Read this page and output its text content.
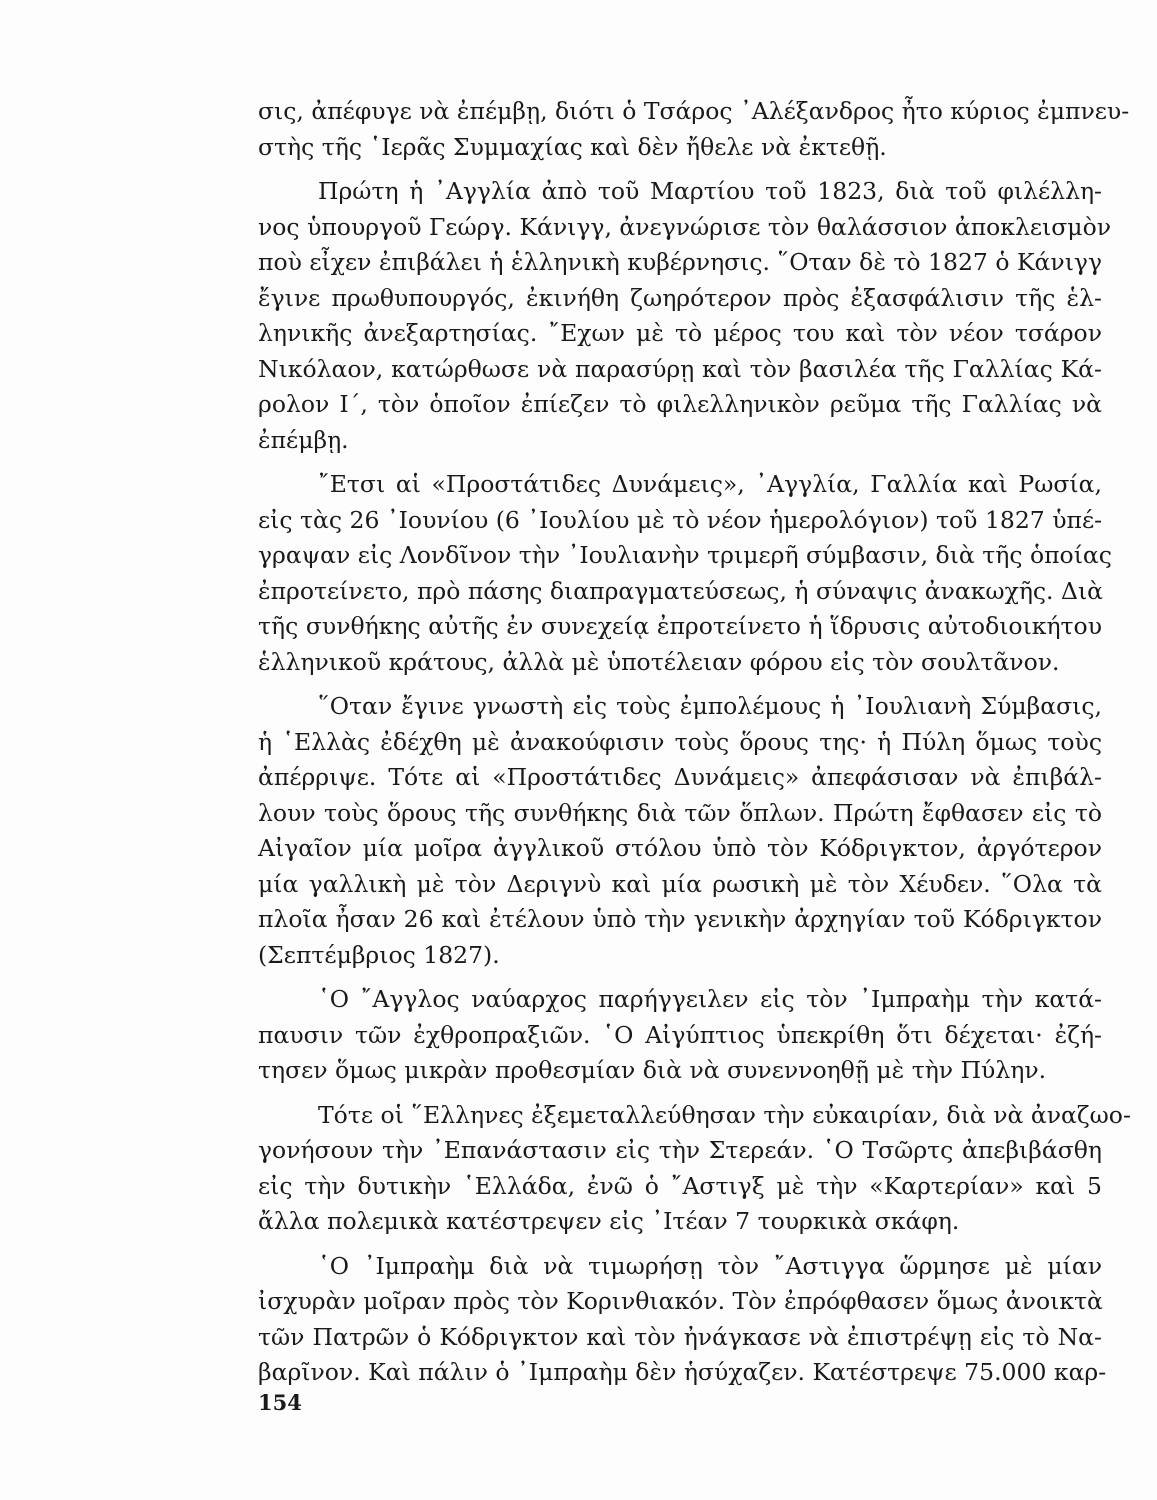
σις, ἀπέφυγε νὰ ἐπέμβῃ, διότι ὁ Τσάρος ᾿Αλέξανδρος ἦτο κύριος ἐμπνευ-
στὴς τῆς ῾Ιερᾶς Συμμαχίας καὶ δὲν ἤθελε νὰ ἐκτεθῇ.
Πρώτη ἡ ᾿Αγγλία ἀπὸ τοῦ Μαρτίου τοῦ 1823, διὰ τοῦ φιλέλλη-
νος ὑπουργοῦ Γεώργ. Κάνιγγ, ἀνεγνώρισε τὸν θαλάσσιον ἀποκλεισμὸν
ποὺ εἶχεν ἐπιβάλει ἡ ἑλληνικὴ κυβέρνησις. ῞Οταν δὲ τὸ 1827 ὁ Κάνιγγ
ἔγινε πρωθυπουργός, ἐκινήθη ζωηρότερον πρὸς ἐξασφάλισιν τῆς ἑλ-
ληνικῆς ἀνεξαρτησίας. ῎Εχων μὲ τὸ μέρος του καὶ τὸν νέον τσάρον
Νικόλαον, κατώρθωσε νὰ παρασύρῃ καὶ τὸν βασιλέα τῆς Γαλλίας Κά-
ρολον Ι΄, τὸν ὁποῖον ἐπίεζεν τὸ φιλελληνικὸν ρεῦμα τῆς Γαλλίας νὰ
ἐπέμβῃ.
῎Ετσι αἱ «Προστάτιδες Δυνάμεις», ᾿Αγγλία, Γαλλία καὶ Ρωσία,
εἰς τὰς 26 ᾿Ιουνίου (6 ᾿Ιουλίου μὲ τὸ νέον ἡμερολόγιον) τοῦ 1827 ὑπέ-
γραψαν εἰς Λονδῖνον τὴν ᾿Ιουλιανὴν τριμερῆ σύμβασιν, διὰ τῆς ὁποίας
ἐπροτείνετο, πρὸ πάσης διαπραγματεύσεως, ἡ σύναψις ἀνακωχῆς. Διὰ
τῆς συνθήκης αὐτῆς ἐν συνεχείᾳ ἐπροτείνετο ἡ ἵδρυσις αὐτοδιοικήτου
ἑλληνικοῦ κράτους, ἀλλὰ μὲ ὑποτέλειαν φόρου εἰς τὸν σουλτᾶνον.
῞Οταν ἔγινε γνωστὴ εἰς τοὺς ἐμπολέμους ἡ ᾿Ιουλιανὴ Σύμβασις,
ἡ ῾Ελλὰς ἐδέχθη μὲ ἀνακούφισιν τοὺς ὅρους της· ἡ Πύλη ὅμως τοὺς
ἀπέρριψε. Τότε αἱ «Προστάτιδες Δυνάμεις» ἀπεφάσισαν νὰ ἐπιβάλ-
λουν τοὺς ὅρους τῆς συνθήκης διὰ τῶν ὅπλων. Πρώτη ἔφθασεν εἰς τὸ
Αἰγαῖον μία μοῖρα ἀγγλικοῦ στόλου ὑπὸ τὸν Κόδριγκτον, ἀργότερον
μία γαλλικὴ μὲ τὸν Δεριγνὺ καὶ μία ρωσικὴ μὲ τὸν Χέυδεν. ῞Ολα τὰ
πλοῖα ἦσαν 26 καὶ ἐτέλουν ὑπὸ τὴν γενικὴν ἀρχηγίαν τοῦ Κόδριγκτον
(Σεπτέμβριος 1827).
῾Ο ῎Αγγλος ναύαρχος παρήγγειλεν εἰς τὸν ᾿Ιμπραὴμ τὴν κατά-
παυσιν τῶν ἐχθροπραξιῶν. ῾Ο Αἰγύπτιος ὑπεκρίθη ὅτι δέχεται· ἐζή-
τησεν ὅμως μικρὰν προθεσμίαν διὰ νὰ συνεννοηθῇ μὲ τὴν Πύλην.
Τότε οἱ ῞Ελληνες ἐξεμεταλλεύθησαν τὴν εὐκαιρίαν, διὰ νὰ ἀναζωο-
γονήσουν τὴν ᾿Επανάστασιν εἰς τὴν Στερεάν. ῾Ο Τσῶρτς ἀπεβιβάσθη
εἰς τὴν δυτικὴν ῾Ελλάδα, ἐνῶ ὁ ῎Αστιγξ μὲ τὴν «Καρτερίαν» καὶ 5
ἄλλα πολεμικὰ κατέστρεψεν εἰς ᾿Ιτέαν 7 τουρκικὰ σκάφη.
῾Ο ᾿Ιμπραὴμ διὰ νὰ τιμωρήσῃ τὸν ῎Αστιγγα ὥρμησε μὲ μίαν
ἰσχυρὰν μοῖραν πρὸς τὸν Κορινθιακόν. Τὸν ἐπρόφθασεν ὅμως ἀνοικτὰ
τῶν Πατρῶν ὁ Κόδριγκτον καὶ τὸν ἠνάγκασε νὰ ἐπιστρέψῃ εἰς τὸ Να-
βαρῖνον. Καὶ πάλιν ὁ ᾿Ιμπραὴμ δὲν ἡσύχαζεν. Κατέστρεψε 75.000 καρ-
154
